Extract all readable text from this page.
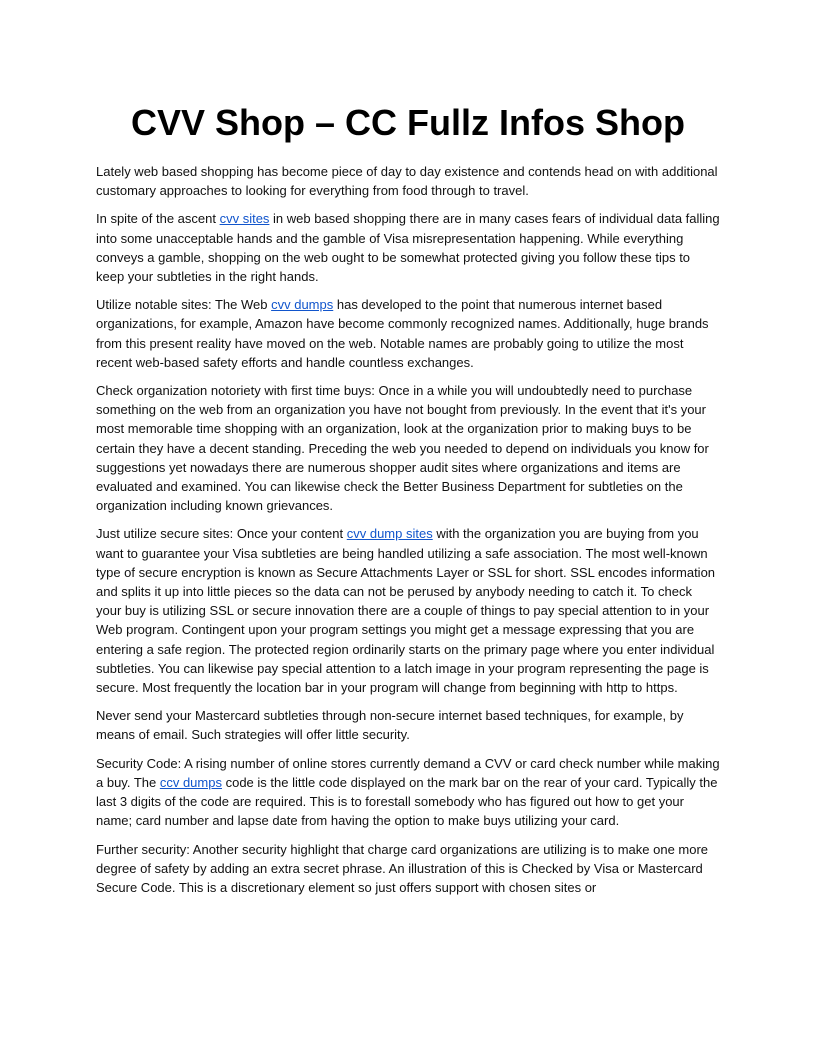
CVV Shop – CC Fullz Infos Shop

Lately web based shopping has become piece of day to day existence and contends head on with additional customary approaches to looking for everything from food through to travel.

In spite of the ascent cvv sites in web based shopping there are in many cases fears of individual data falling into some unacceptable hands and the gamble of Visa misrepresentation happening. While everything conveys a gamble, shopping on the web ought to be somewhat protected giving you follow these tips to keep your subtleties in the right hands.

Utilize notable sites: The Web cvv dumps has developed to the point that numerous internet based organizations, for example, Amazon have become commonly recognized names. Additionally, huge brands from this present reality have moved on the web. Notable names are probably going to utilize the most recent web-based safety efforts and handle countless exchanges.

Check organization notoriety with first time buys: Once in a while you will undoubtedly need to purchase something on the web from an organization you have not bought from previously. In the event that it's your most memorable time shopping with an organization, look at the organization prior to making buys to be certain they have a decent standing. Preceding the web you needed to depend on individuals you know for suggestions yet nowadays there are numerous shopper audit sites where organizations and items are evaluated and examined. You can likewise check the Better Business Department for subtleties on the organization including known grievances.

Just utilize secure sites: Once your content cvv dump sites with the organization you are buying from you want to guarantee your Visa subtleties are being handled utilizing a safe association. The most well-known type of secure encryption is known as Secure Attachments Layer or SSL for short. SSL encodes information and splits it up into little pieces so the data can not be perused by anybody needing to catch it. To check your buy is utilizing SSL or secure innovation there are a couple of things to pay special attention to in your Web program. Contingent upon your program settings you might get a message expressing that you are entering a safe region. The protected region ordinarily starts on the primary page where you enter individual subtleties. You can likewise pay special attention to a latch image in your program representing the page is secure. Most frequently the location bar in your program will change from beginning with http to https.

Never send your Mastercard subtleties through non-secure internet based techniques, for example, by means of email. Such strategies will offer little security.

Security Code: A rising number of online stores currently demand a CVV or card check number while making a buy. The ccv dumps code is the little code displayed on the mark bar on the rear of your card. Typically the last 3 digits of the code are required. This is to forestall somebody who has figured out how to get your name; card number and lapse date from having the option to make buys utilizing your card.

Further security: Another security highlight that charge card organizations are utilizing is to make one more degree of safety by adding an extra secret phrase. An illustration of this is Checked by Visa or Mastercard Secure Code. This is a discretionary element so just offers support with chosen sites or
